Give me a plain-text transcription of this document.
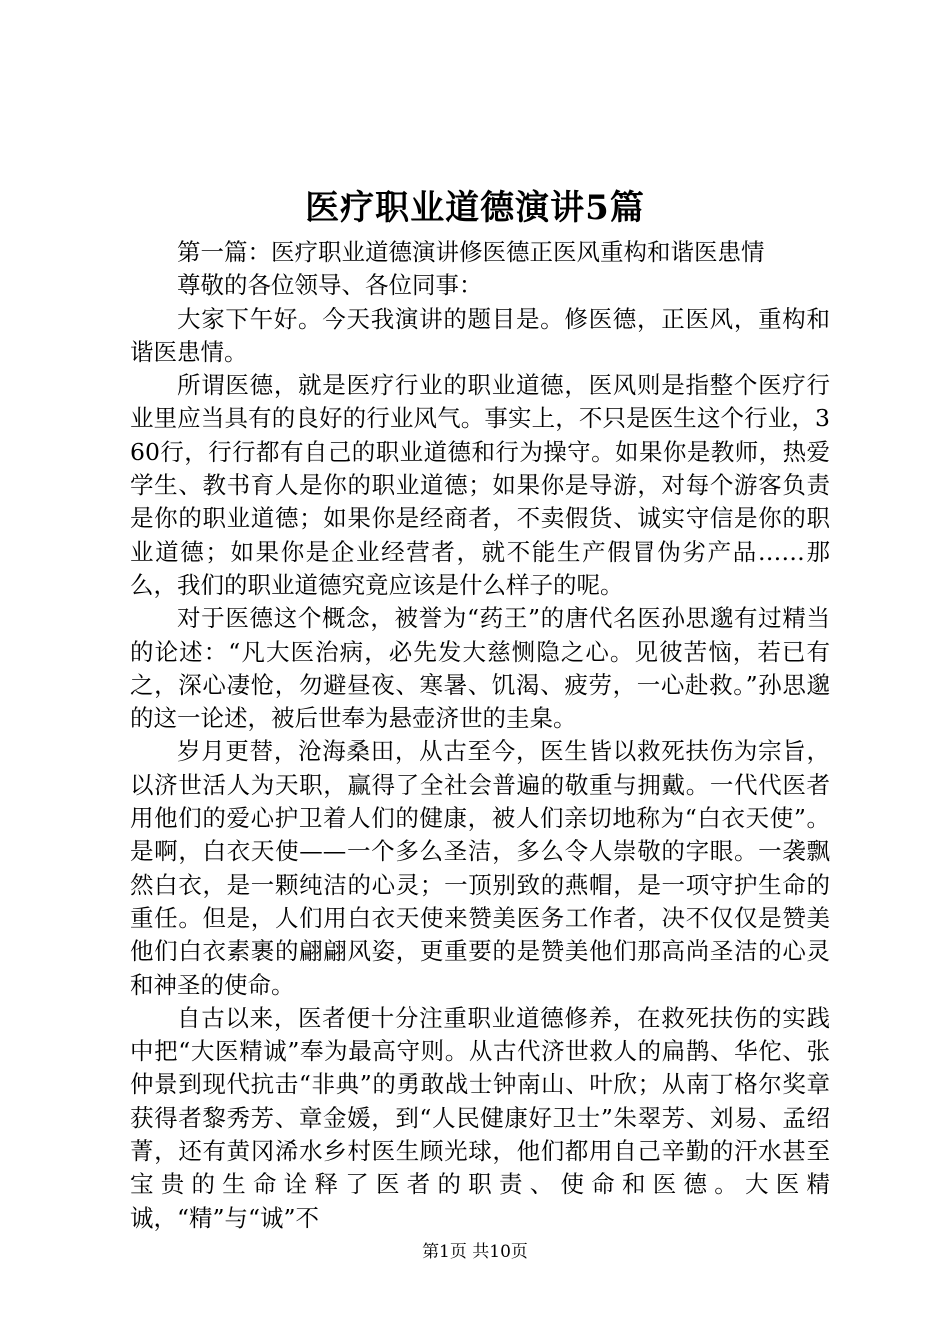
医疗职业道德演讲5篇

第一篇：医疗职业道德演讲修医德正医风重构和谐医患情

尊敬的各位领导、各位同事：

大家下午好。今天我演讲的题目是。修医德，正医风，重构和谐医患情。

所谓医德，就是医疗行业的职业道德，医风则是指整个医疗行业里应当具有的良好的行业风气。事实上，不只是医生这个行业，360行，行行都有自己的职业道德和行为操守。如果你是教师，热爱学生、教书育人是你的职业道德；如果你是导游，对每个游客负责是你的职业道德；如果你是经商者，不卖假货、诚实守信是你的职业道德；如果你是企业经营者，就不能生产假冒伪劣产品……那么，我们的职业道德究竟应该是什么样子的呢。

对于医德这个概念，被誉为“药王”的唐代名医孙思邈有过精当的论述：“凡大医治病，必先发大慈恻隐之心。见彼苦恼，若已有之，深心凄怆，勿避昼夜、寒暑、饥渴、疲劳，一心赴救。”孙思邈的这一论述，被后世奉为悬壶济世的圭臬。

岁月更替，沧海桑田，从古至今，医生皆以救死扶伤为宗旨，以济世活人为天职，赢得了全社会普遍的敬重与拥戴。一代代医者用他们的爱心护卫着人们的健康，被人们亲切地称为“白衣天使”。是啊，白衣天使——一个多么圣洁，多么令人崇敬的字眼。一袭飘然白衣，是一颗纯洁的心灵；一顶别致的燕帽，是一项守护生命的重任。但是，人们用白衣天使来赞美医务工作者，决不仅仅是赞美他们白衣素裹的翩翩风姿，更重要的是赞美他们那高尚圣洁的心灵和神圣的使命。

自古以来，医者便十分注重职业道德修养，在救死扶伤的实践中把“大医精诚”奉为最高守则。从古代济世救人的扁鹊、华佗、张仲景到现代抗击“非典”的勇敢战士钟南山、叶欣；从南丁格尔奖章获得者黎秀芳、章金媛，到“人民健康好卫士”朱翠芳、刘易、孟绍菁，还有黄冈浠水乡村医生顾光球，他们都用自己辛勤的汗水甚至宝贵的生命诠释了医者的职责、使命和医德。大医精诚，“精”与“诚”不

第1页 共10页
